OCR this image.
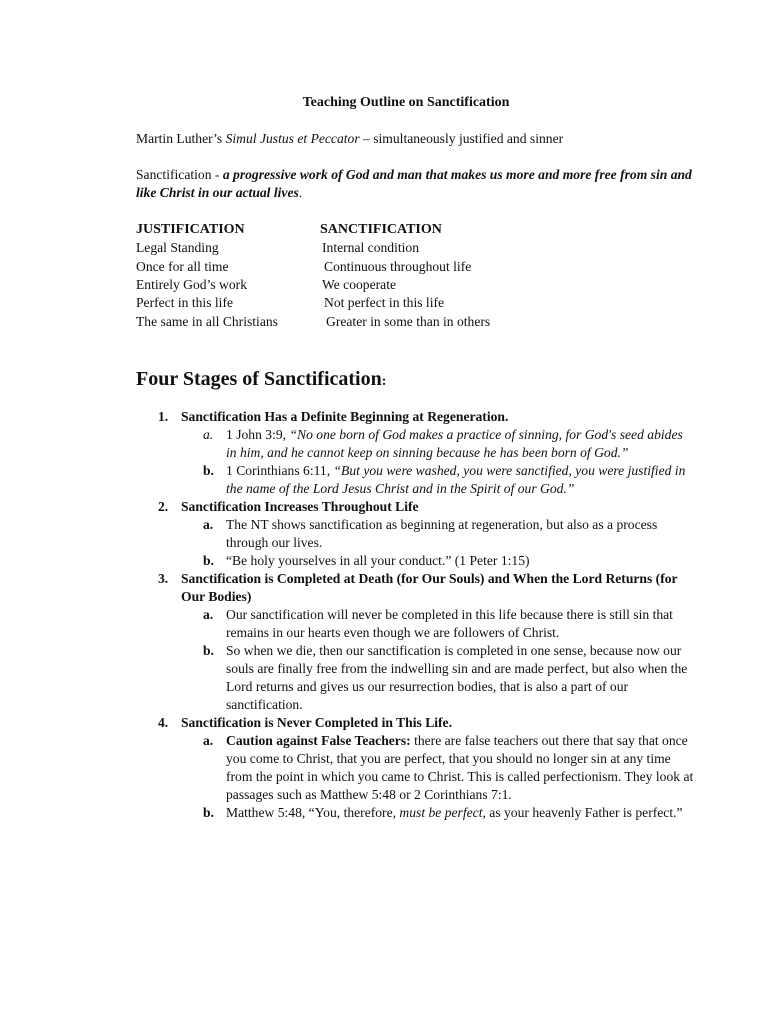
Teaching Outline on Sanctification
Martin Luther’s Simul Justus et Peccator – simultaneously justified and sinner
Sanctification - a progressive work of God and man that makes us more and more free from sin and like Christ in our actual lives.
JUSTIFICATION	SANCTIFICATION
Legal Standing	Internal condition
Once for all time	Continuous throughout life
Entirely God’s work	We cooperate
Perfect in this life	Not perfect in this life
The same in all Christians	Greater in some than in others
Four Stages of Sanctification:
1. Sanctification Has a Definite Beginning at Regeneration.
a. 1 John 3:9, “No one born of God makes a practice of sinning, for God's seed abides in him, and he cannot keep on sinning because he has been born of God.”
b. 1 Corinthians 6:11, “But you were washed, you were sanctified, you were justified in the name of the Lord Jesus Christ and in the Spirit of our God.”
2. Sanctification Increases Throughout Life
a. The NT shows sanctification as beginning at regeneration, but also as a process through our lives.
b. “Be holy yourselves in all your conduct.” (1 Peter 1:15)
3. Sanctification is Completed at Death (for Our Souls) and When the Lord Returns (for Our Bodies)
a. Our sanctification will never be completed in this life because there is still sin that remains in our hearts even though we are followers of Christ.
b. So when we die, then our sanctification is completed in one sense, because now our souls are finally free from the indwelling sin and are made perfect, but also when the Lord returns and gives us our resurrection bodies, that is also a part of our sanctification.
4. Sanctification is Never Completed in This Life.
a. Caution against False Teachers: there are false teachers out there that say that once you come to Christ, that you are perfect, that you should no longer sin at any time from the point in which you came to Christ. This is called perfectionism. They look at passages such as Matthew 5:48 or 2 Corinthians 7:1.
b. Matthew 5:48, “You, therefore, must be perfect, as your heavenly Father is perfect.”
